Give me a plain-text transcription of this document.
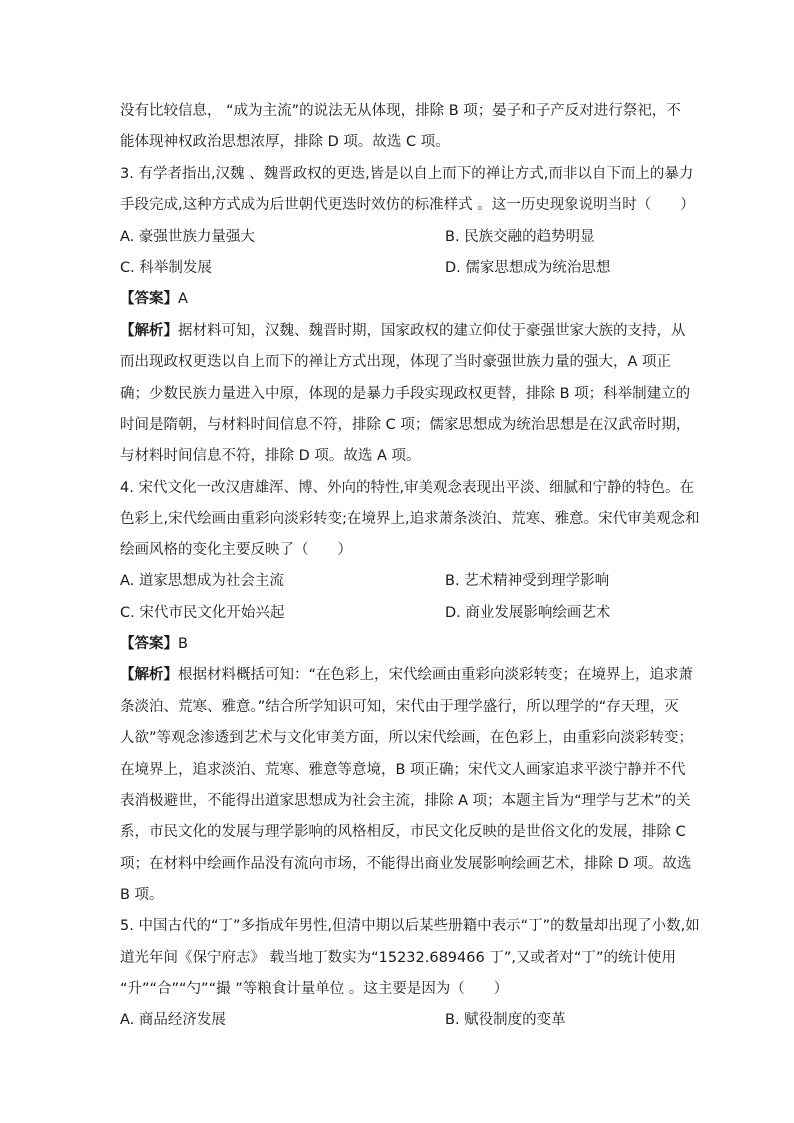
没有比较信息， “成为主流”的说法无从体现，排除 B 项；晏子和子产反对进行祭祀，不
能体现神权政治思想浓厚，排除 D 项。故选 C 项。
3. 有学者指出,汉魏 、魏晋政权的更迭,皆是以自上而下的禅让方式,而非以自下而上的暴力
手段完成,这种方式成为后世朝代更迭时效仿的标准样式 。这一历史现象说明当时（　　）
A. 豪强世族力量强大	B. 民族交融的趋势明显
C. 科举制发展	D. 儒家思想成为统治思想
【答案】A
【解析】据材料可知，汉魏、魏晋时期，国家政权的建立仰仗于豪强世家大族的支持，从
而出现政权更迭以自上而下的禅让方式出现，体现了当时豪强世族力量的强大，A 项正
确；少数民族力量进入中原，体现的是暴力手段实现政权更替，排除 B 项；科举制建立的
时间是隋朝，与材料时间信息不符，排除 C 项；儒家思想成为统治思想是在汉武帝时期，
与材料时间信息不符，排除 D 项。故选 A 项。
4. 宋代文化一改汉唐雄浑、博、外向的特性,审美观念表现出平淡、细腻和宁静的特色。在
色彩上,宋代绘画由重彩向淡彩转变;在境界上,追求萧条淡泊、荒寒、雅意。宋代审美观念和
绘画风格的变化主要反映了（　　）
A. 道家思想成为社会主流	B. 艺术精神受到理学影响
C. 宋代市民文化开始兴起	D. 商业发展影响绘画艺术
【答案】B
【解析】根据材料概括可知：“在色彩上，宋代绘画由重彩向淡彩转变；在境界上，追求萧
条淡泊、荒寒、雅意。”结合所学知识可知，宋代由于理学盛行，所以理学的“存天理，灭
人欲”等观念渗透到艺术与文化审美方面，所以宋代绘画，在色彩上，由重彩向淡彩转变；
在境界上，追求淡泊、荒寒、雅意等意境，B 项正确；宋代文人画家追求平淡宁静并不代
表消极避世，不能得出道家思想成为社会主流，排除 A 项；本题主旨为“理学与艺术”的关
系，市民文化的发展与理学影响的风格相反，市民文化反映的是世俗文化的发展，排除 C
项；在材料中绘画作品没有流向市场，不能得出商业发展影响绘画艺术，排除 D 项。故选
B 项。
5. 中国古代的“丁”多指成年男性,但清中期以后某些册籍中表示“丁”的数量却出现了小数,如
道光年间《保宁府志》 载当地丁数实为“15232.689466 丁”,又或者对“丁”的统计使用
“升”“合”“勺”“撮 ”等粮食计量单位 。这主要是因为（　　）
A. 商品经济发展	B. 赋役制度的变革
